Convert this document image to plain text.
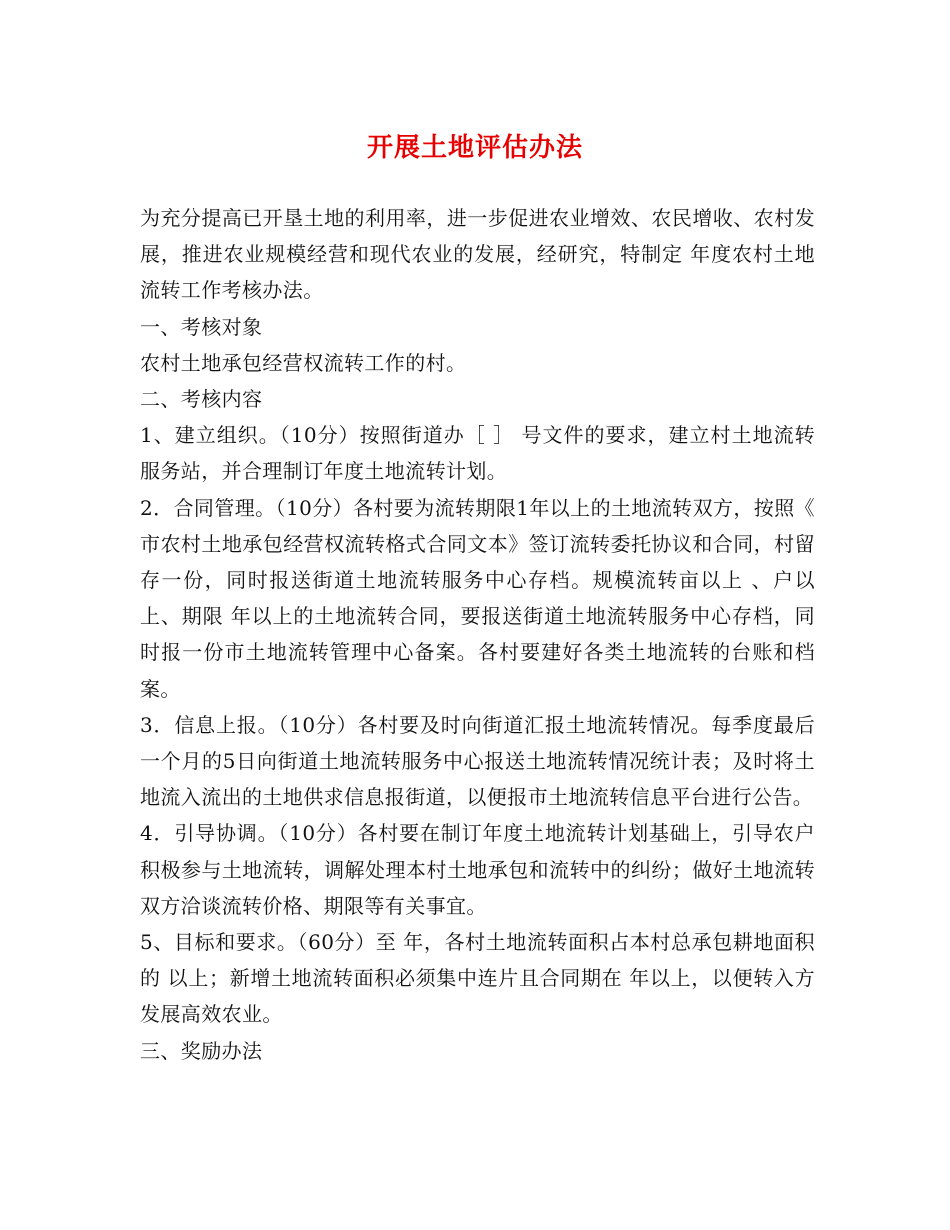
开展土地评估办法

为充分提高已开垦土地的利用率，进一步促进农业增效、农民增收、农村发展，推进农业规模经营和现代农业的发展，经研究，特制定 年度农村土地流转工作考核办法。

一、考核对象

农村土地承包经营权流转工作的村。

二、考核内容

1、建立组织。（10分）按照街道办［ ］ 号文件的要求，建立村土地流转服务站，并合理制订年度土地流转计划。

2．合同管理。（10分）各村要为流转期限1年以上的土地流转双方，按照《 市农村土地承包经营权流转格式合同文本》签订流转委托协议和合同，村留存一份，同时报送街道土地流转服务中心存档。规模流转亩以上 、户以上、期限 年以上的土地流转合同，要报送街道土地流转服务中心存档，同时报一份市土地流转管理中心备案。各村要建好各类土地流转的台账和档案。

3．信息上报。（10分）各村要及时向街道汇报土地流转情况。每季度最后一个月的5日向街道土地流转服务中心报送土地流转情况统计表；及时将土地流入流出的土地供求信息报街道，以便报市土地流转信息平台进行公告。

4．引导协调。（10分）各村要在制订年度土地流转计划基础上，引导农户积极参与土地流转，调解处理本村土地承包和流转中的纠纷；做好土地流转双方洽谈流转价格、期限等有关事宜。

5、目标和要求。（60分）至 年，各村土地流转面积占本村总承包耕地面积的 以上；新增土地流转面积必须集中连片且合同期在 年以上，以便转入方发展高效农业。

三、奖励办法
